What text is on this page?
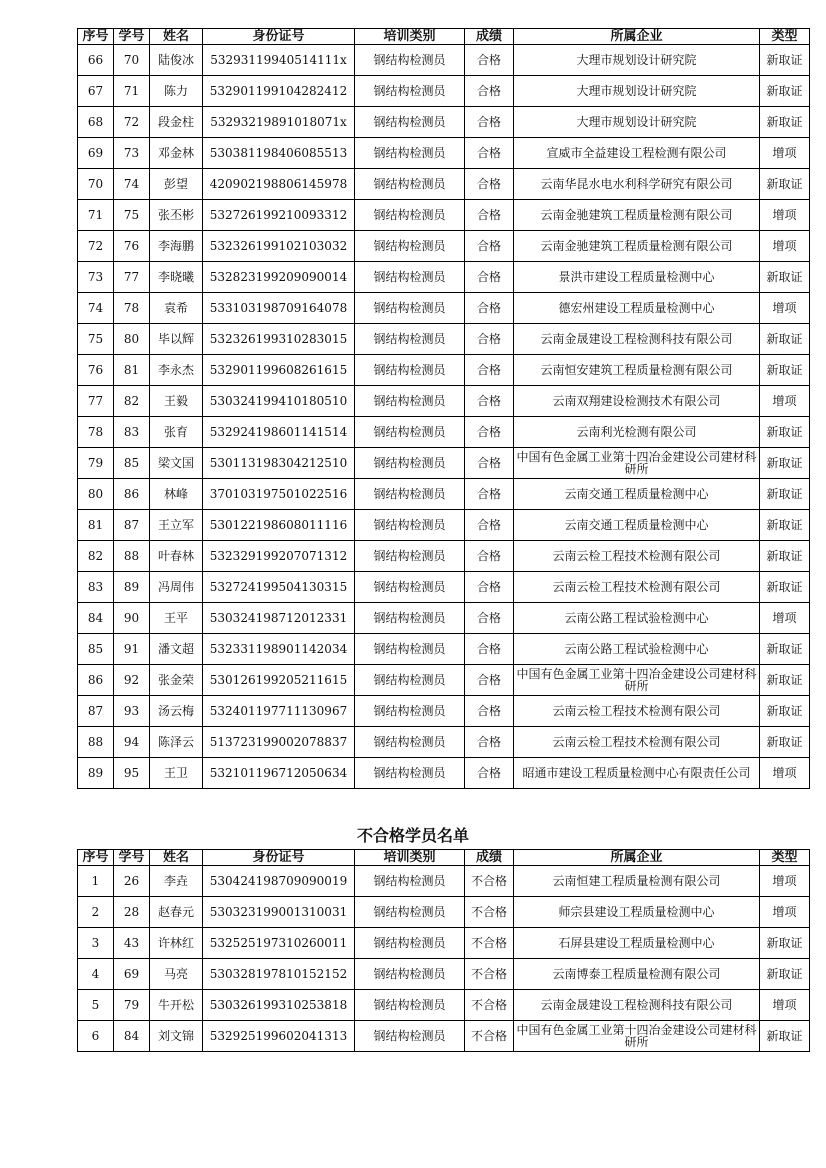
序号	学号	姓名	身份证号	培训类别	成绩	所属企业	类型
66	70	陆俊冰	53293119940514111x	钢结构检测员	合格	大理市规划设计研究院	新取证
67	71	陈力	532901199104282412	钢结构检测员	合格	大理市规划设计研究院	新取证
68	72	段金柱	53293219891018071x	钢结构检测员	合格	大理市规划设计研究院	新取证
69	73	邓金林	530381198406085513	钢结构检测员	合格	宣威市全益建设工程检测有限公司	增项
70	74	彭望	420902198806145978	钢结构检测员	合格	云南华昆水电水利科学研究有限公司	新取证
71	75	张丕彬	532726199210093312	钢结构检测员	合格	云南金驰建筑工程质量检测有限公司	增项
72	76	李海鹏	532326199102103032	钢结构检测员	合格	云南金驰建筑工程质量检测有限公司	增项
73	77	李晓曦	532823199209090014	钢结构检测员	合格	景洪市建设工程质量检测中心	新取证
74	78	袁希	533103198709164078	钢结构检测员	合格	德宏州建设工程质量检测中心	增项
75	80	毕以辉	532326199310283015	钢结构检测员	合格	云南金晟建设工程检测科技有限公司	新取证
76	81	李永杰	532901199608261615	钢结构检测员	合格	云南恒安建筑工程质量检测有限公司	新取证
77	82	王毅	530324199410180510	钢结构检测员	合格	云南双翔建设检测技术有限公司	增项
78	83	张育	532924198601141514	钢结构检测员	合格	云南利光检测有限公司	新取证
79	85	梁文国	530113198304212510	钢结构检测员	合格	中国有色金属工业第十四冶金建设公司建材科研所	新取证
80	86	林峰	370103197501022516	钢结构检测员	合格	云南交通工程质量检测中心	新取证
81	87	王立军	530122198608011116	钢结构检测员	合格	云南交通工程质量检测中心	新取证
82	88	叶春林	532329199207071312	钢结构检测员	合格	云南云检工程技术检测有限公司	新取证
83	89	冯周伟	532724199504130315	钢结构检测员	合格	云南云检工程技术检测有限公司	新取证
84	90	王平	530324198712012331	钢结构检测员	合格	云南公路工程试验检测中心	增项
85	91	潘文超	532331198901142034	钢结构检测员	合格	云南公路工程试验检测中心	新取证
86	92	张金荣	530126199205211615	钢结构检测员	合格	中国有色金属工业第十四冶金建设公司建材科研所	新取证
87	93	汤云梅	532401197711130967	钢结构检测员	合格	云南云检工程技术检测有限公司	新取证
88	94	陈泽云	513723199002078837	钢结构检测员	合格	云南云检工程技术检测有限公司	新取证
89	95	王卫	532101196712050634	钢结构检测员	合格	昭通市建设工程质量检测中心有限责任公司	增项
不合格学员名单
序号	学号	姓名	身份证号	培训类别	成绩	所属企业	类型
1	26	李垚	530424198709090019	钢结构检测员	不合格	云南恒建工程质量检测有限公司	增项
2	28	赵春元	530323199001310031	钢结构检测员	不合格	师宗县建设工程质量检测中心	增项
3	43	许林红	532525197310260011	钢结构检测员	不合格	石屏县建设工程质量检测中心	新取证
4	69	马亮	530328197810152152	钢结构检测员	不合格	云南博泰工程质量检测有限公司	新取证
5	79	牛开松	530326199310253818	钢结构检测员	不合格	云南金晟建设工程检测科技有限公司	增项
6	84	刘文锦	532925199602041313	钢结构检测员	不合格	中国有色金属工业第十四冶金建设公司建材科研所	新取证
